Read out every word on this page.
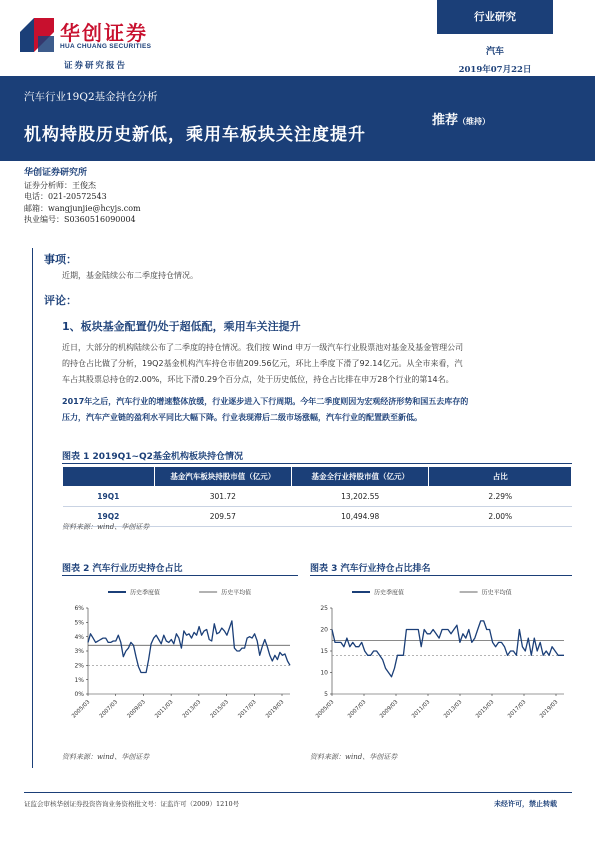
华创证券
HUA CHUANG SECURITIES
证券研究报告
行业研究
汽车
2019年07月22日
汽车行业19Q2基金持仓分析
机构持股历史新低，乘用车板块关注度提升
推荐（维持）
华创证券研究所
证券分析师：王俊杰
电话：021-20572543
邮箱：wangjunjie@hcyjs.com
执业编号：S0360516090004
事项：
近期，基金陆续公布二季度持仓情况。
评论：
1、板块基金配置仍处于超低配，乘用车关注提升
近日，大部分的机构陆续公布了二季度的持仓情况。我们按 Wind 申万一级汽车行业股票池对基金及基金管理公司
的持仓占比做了分析，19Q2基金机构汽车持仓市值209.56亿元，环比上季度下滑了92.14亿元。从全市来看，汽
车占其股票总持仓的2.00%，环比下滑0.29个百分点，处于历史低位，持仓占比排在申万28个行业的第14名。
2017年之后，汽车行业的增速整体放缓，行业逐步进入下行周期。今年二季度则因为宏观经济形势和国五去库存的
压力，汽车产业链的盈利水平同比大幅下降。行业表现滞后二级市场涨幅，汽车行业的配置跌至新低。
图表 1 2019Q1~Q2基金机构板块持仓情况
	基金汽车板块持股市值（亿元）	基金全行业持股市值（亿元）	占比
19Q1	301.72	13,202.55	2.29%
19Q2	209.57	10,494.98	2.00%
资料来源：wind、华创证券
图表 2 汽车行业历史持仓占比	图表 3 汽车行业持仓占比排名
历史季度值	历史平均值
0%
1%
2%
3%
4%
5%
6%
2005/03 2007/03 2009/03 2011/03 2013/03 2015/03 2017/03 2019/03
历史季度值	历史平均值
5
10
15
20
25
2005/03 2007/03 2009/03 2011/03 2013/03 2015/03 2017/03 2019/03
资料来源：wind、华创证券	资料来源：wind、华创证券
证监会审核华创证券投资咨询业务资格批文号：证监许可（2009）1210号	未经许可，禁止转载
